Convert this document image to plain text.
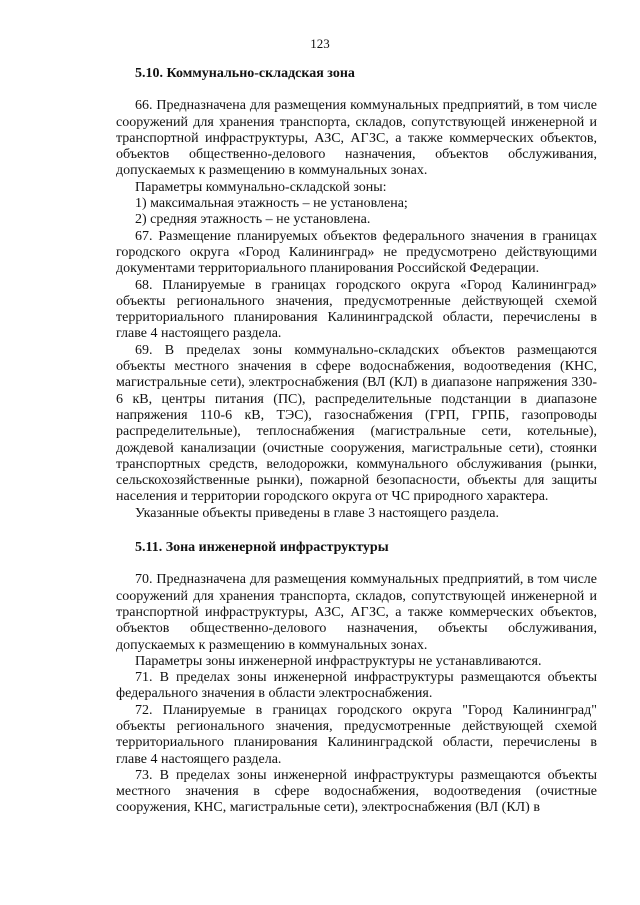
123

5.10. Коммунально-складская зона

66. Предназначена для размещения коммунальных предприятий, в том числе сооружений для хранения транспорта, складов, сопутствующей инженерной и транспортной инфраструктуры, АЗС, АГЗС, а также коммерческих объектов, объектов общественно-делового назначения, объектов обслуживания, допускаемых к размещению в коммунальных зонах.

Параметры коммунально-складской зоны:

1) максимальная этажность – не установлена;

2) средняя этажность – не установлена.

67. Размещение планируемых объектов федерального значения в границах городского округа «Город Калининград» не предусмотрено действующими документами территориального планирования Российской Федерации.

68. Планируемые в границах городского округа «Город Калининград» объекты регионального значения, предусмотренные действующей схемой территориального планирования Калининградской области, перечислены в главе 4 настоящего раздела.

69. В пределах зоны коммунально-складских объектов размещаются объекты местного значения в сфере водоснабжения, водоотведения (КНС, магистральные сети), электроснабжения (ВЛ (КЛ) в диапазоне напряжения 330-6 кВ, центры питания (ПС), распределительные подстанции в диапазоне напряжения 110-6 кВ, ТЭС), газоснабжения (ГРП, ГРПБ, газопроводы распределительные), теплоснабжения (магистральные сети, котельные), дождевой канализации (очистные сооружения, магистральные сети), стоянки транспортных средств, велодорожки, коммунального обслуживания (рынки, сельскохозяйственные рынки), пожарной безопасности, объекты для защиты населения и территории городского округа от ЧС природного характера.

Указанные объекты приведены в главе 3 настоящего раздела.

5.11. Зона инженерной инфраструктуры

70. Предназначена для размещения коммунальных предприятий, в том числе сооружений для хранения транспорта, складов, сопутствующей инженерной и транспортной инфраструктуры, АЗС, АГЗС, а также коммерческих объектов, объектов общественно-делового назначения, объекты обслуживания, допускаемых к размещению в коммунальных зонах.

Параметры зоны инженерной инфраструктуры не устанавливаются.

71. В пределах зоны инженерной инфраструктуры размещаются объекты федерального значения в области электроснабжения.

72. Планируемые в границах городского округа "Город Калининград" объекты регионального значения, предусмотренные действующей схемой территориального планирования Калининградской области, перечислены в главе 4 настоящего раздела.

73. В пределах зоны инженерной инфраструктуры размещаются объекты местного значения в сфере водоснабжения, водоотведения (очистные сооружения, КНС, магистральные сети), электроснабжения (ВЛ (КЛ) в
